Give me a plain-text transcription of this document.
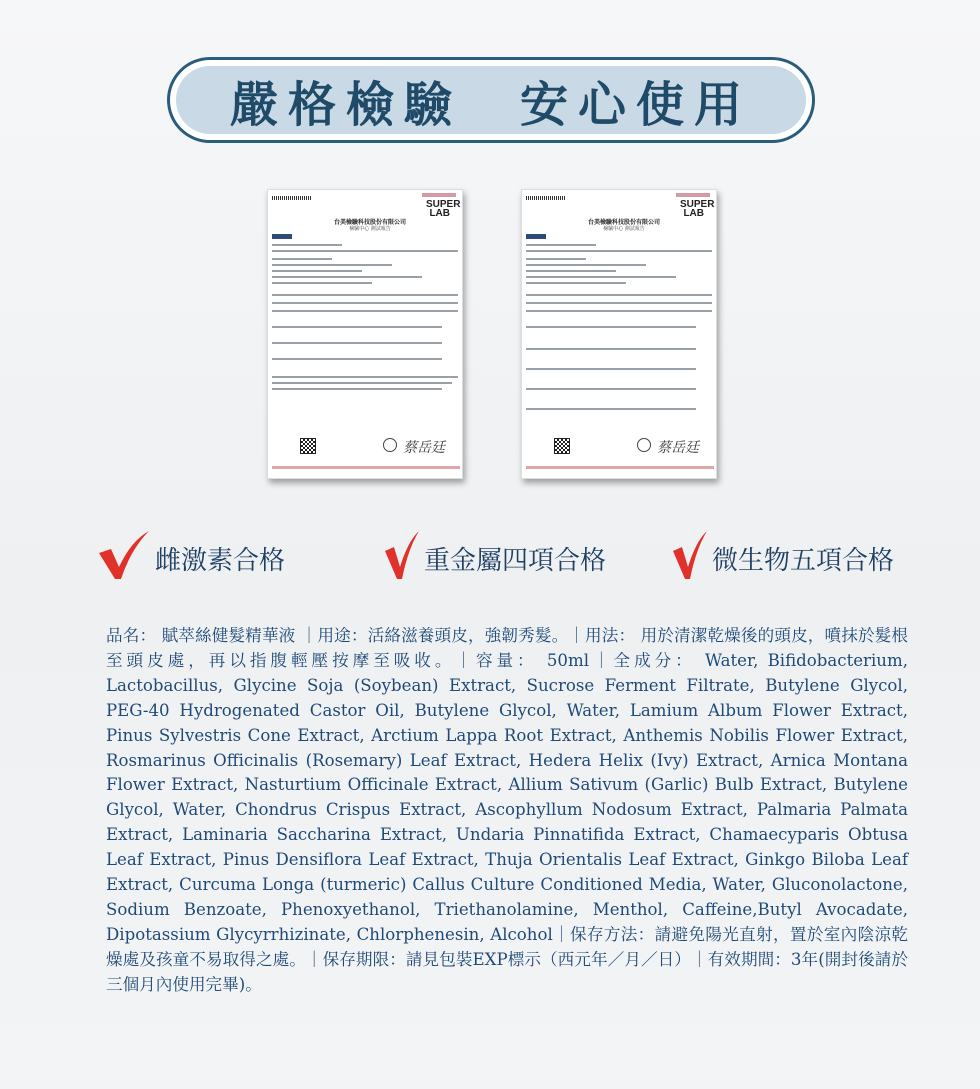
嚴格檢驗　安心使用
SUPER LAB
台美檢驗科技股份有限公司
檢驗中心 測試報告
蔡岳廷
SUPER LAB
台美檢驗科技股份有限公司
檢驗中心 測試報告
蔡岳廷
雌激素合格	重金屬四項合格	微生物五項合格

品名： 賦萃絲健髮精華液 ｜用途：活絡滋養頭皮，強韌秀髮。｜用法： 用於清潔乾燥後的頭皮，噴抹於髮根至頭皮處，再以指腹輕壓按摩至吸收。｜容量： 50ml｜全成分： Water, Bifidobacterium, Lactobacillus, Glycine Soja (Soybean) Extract, Sucrose Ferment Filtrate, Butylene Glycol, PEG-40 Hydrogenated Castor Oil, Butylene Glycol, Water, Lamium Album Flower Extract, Pinus Sylvestris Cone Extract, Arctium Lappa Root Extract, Anthemis Nobilis Flower Extract, Rosmarinus Officinalis (Rosemary) Leaf Extract, Hedera Helix (Ivy) Extract, Arnica Montana Flower Extract, Nasturtium Officinale Extract, Allium Sativum (Garlic) Bulb Extract, Butylene Glycol, Water, Chondrus Crispus Extract, Ascophyllum Nodosum Extract, Palmaria Palmata Extract, Laminaria Saccharina Extract, Undaria Pinnatifida Extract, Chamaecyparis Obtusa Leaf Extract, Pinus Densiflora Leaf Extract, Thuja Orientalis Leaf Extract, Ginkgo Biloba Leaf Extract, Curcuma Longa (turmeric) Callus Culture Conditioned Media, Water, Gluconolactone, Sodium Benzoate, Phenoxyethanol, Triethanolamine, Menthol, Caffeine,Butyl Avocadate, Dipotassium Glycyrrhizinate, Chlorphenesin, Alcohol｜保存方法：請避免陽光直射，置於室內陰涼乾燥處及孩童不易取得之處。｜保存期限：請見包裝EXP標示（西元年／月／日）｜有效期間：3年(開封後請於三個月內使用完畢)。
